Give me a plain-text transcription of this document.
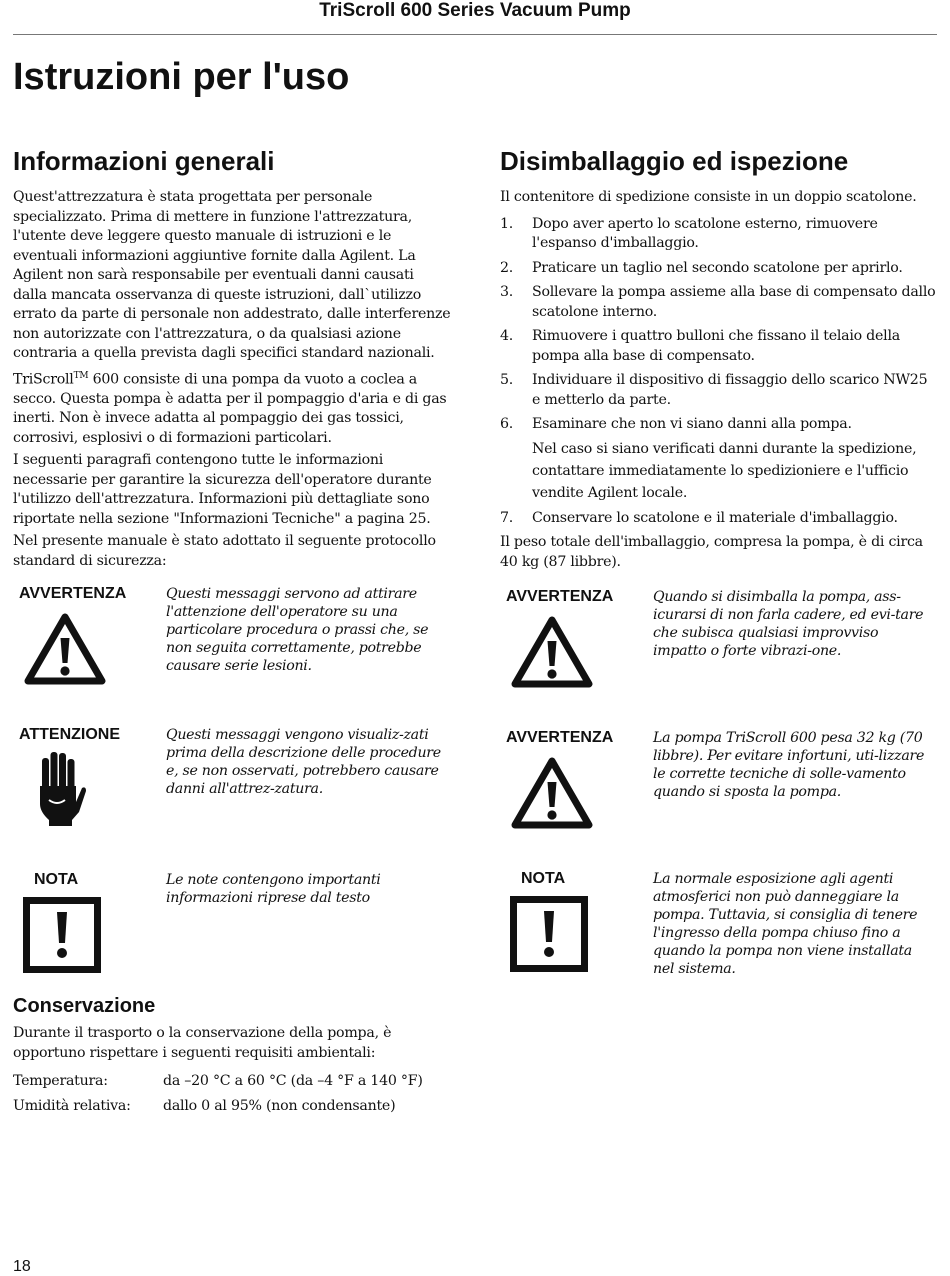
TriScroll 600 Series Vacuum Pump
Istruzioni per l'uso
Informazioni generali

Quest'attrezzatura è stata progettata per personale specializzato. Prima di mettere in funzione l'attrezzatura, l'utente deve leggere questo manuale di istruzioni e le eventuali informazioni aggiuntive fornite dalla Agilent. La Agilent non sarà responsabile per eventuali danni causati dalla mancata osservanza di queste istruzioni, dall`utilizzo errato da parte di personale non addestrato, dalle interferenze non autorizzate con l'attrezzatura, o da qualsiasi azione contraria a quella prevista dagli specifici standard nazionali.

TriScroll™ 600 consiste di una pompa da vuoto a coclea a secco. Questa pompa è adatta per il pompaggio d'aria e di gas inerti. Non è invece adatta al pompaggio dei gas tossici, corrosivi, esplosivi o di formazioni particolari.

I seguenti paragrafi contengono tutte le informazioni necessarie per garantire la sicurezza dell'operatore durante l'utilizzo dell'attrezzatura. Informazioni più dettagliate sono riportate nella sezione "Informazioni Tecniche" a pagina 25.

Nel presente manuale è stato adottato il seguente protocollo standard di sicurezza:

AVVERTENZA	Questi messaggi servono ad attirare l'attenzione dell'operatore su una particolare procedura o prassi che, se non seguita correttamente, potrebbe causare serie lesioni.
ATTENZIONE	Questi messaggi vengono visualiz-zati prima della descrizione delle procedure e, se non osservati, potrebbero causare danni all'attrez-zatura.
NOTA	Le note contengono importanti informazioni riprese dal testo
Conservazione

Durante il trasporto o la conservazione della pompa, è opportuno rispettare i seguenti requisiti ambientali:

Temperatura:	da –20 °C a 60 °C (da –4 °F a 140 °F)
Umidità relativa:	dallo 0 al 95% (non condensante)
Disimballaggio ed ispezione

Il contenitore di spedizione consiste in un doppio scatolone.

1. Dopo aver aperto lo scatolone esterno, rimuovere l'espanso d'imballaggio.
2. Praticare un taglio nel secondo scatolone per aprirlo.
3. Sollevare la pompa assieme alla base di compensato dallo scatolone interno.
4. Rimuovere i quattro bulloni che fissano il telaio della pompa alla base di compensato.
5. Individuare il dispositivo di fissaggio dello scarico NW25 e metterlo da parte.
6. Esaminare che non vi siano danni alla pompa.
Nel caso si siano verificati danni durante la spedizione, contattare immediatamente lo spedizioniere e l'ufficio vendite Agilent locale.
7. Conservare lo scatolone e il materiale d'imballaggio.

Il peso totale dell'imballaggio, compresa la pompa, è di circa 40 kg (87 libbre).

AVVERTENZA	Quando si disimballa la pompa, ass-icurarsi di non farla cadere, ed evi-tare che subisca qualsiasi improvviso impatto o forte vibrazi-one.
AVVERTENZA	La pompa TriScroll 600 pesa 32 kg (70 libbre). Per evitare infortuni, uti-lizzare le corrette tecniche di solle-vamento quando si sposta la pompa.
NOTA	La normale esposizione agli agenti atmosferici non può danneggiare la pompa. Tuttavia, si consiglia di tenere l'ingresso della pompa chiuso fino a quando la pompa non viene installata nel sistema.
18
